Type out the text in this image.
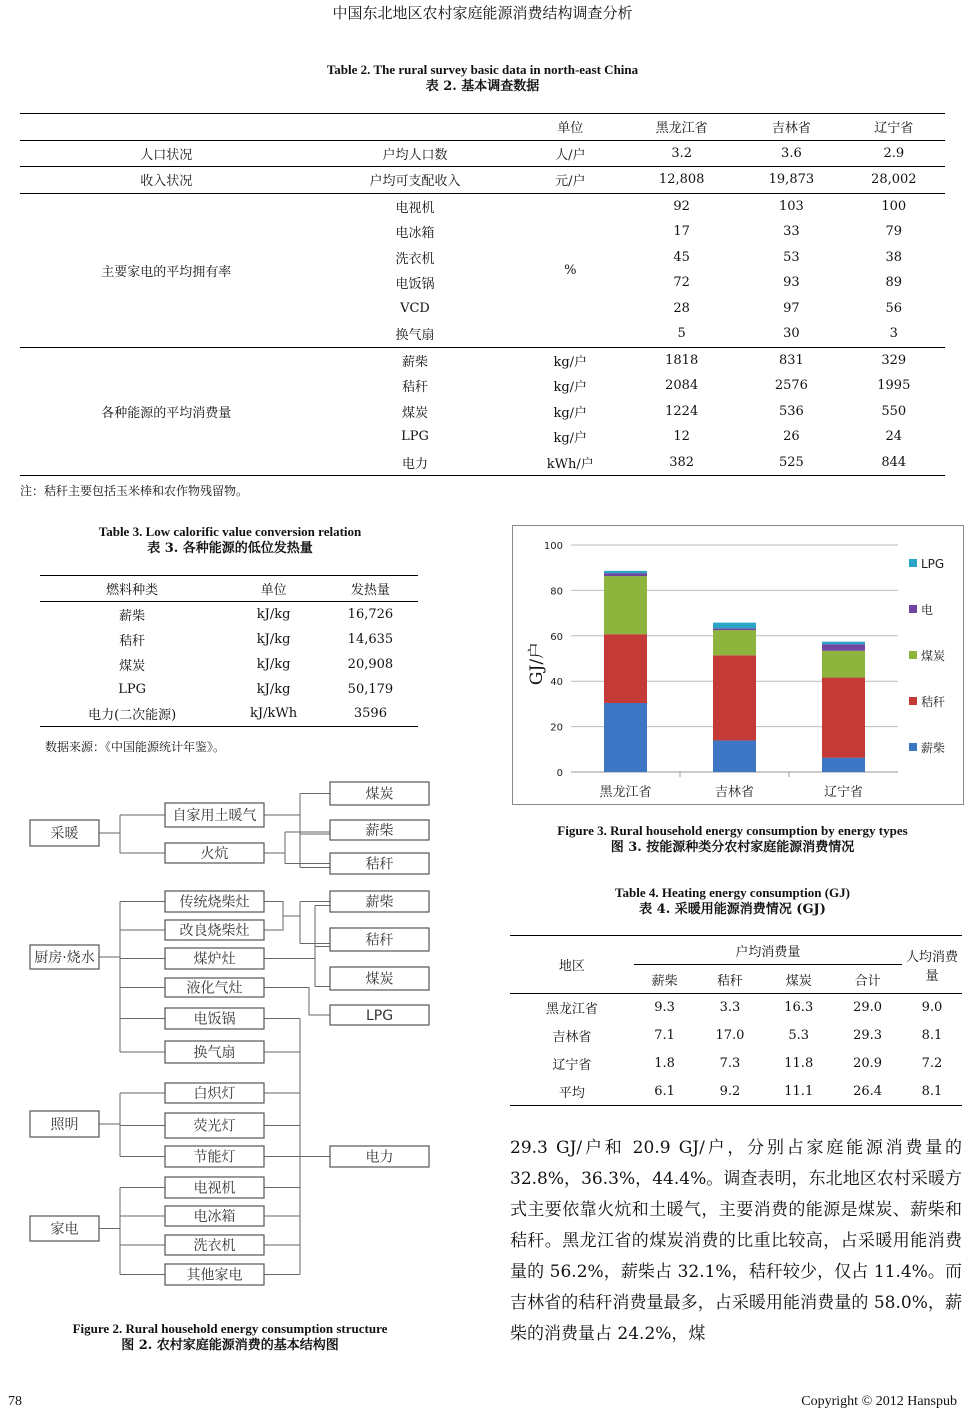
中国东北地区农村家庭能源消费结构调查分析
Table 2. The rural survey basic data in north-east China
表 2. 基本调查数据
		单位	黑龙江省	吉林省	辽宁省
人口状况	户均人口数	人/户	3.2	3.6	2.9
收入状况	户均可支配收入	元/户	12,808	19,873	28,002
主要家电的平均拥有率	电视机	%	92	103	100
	电冰箱		17	33	79
	洗衣机		45	53	38
	电饭锅		72	93	89
	VCD		28	97	56
	换气扇		5	30	3
各种能源的平均消费量	薪柴	kg/户	1818	831	329
	秸秆	kg/户	2084	2576	1995
	煤炭	kg/户	1224	536	550
	LPG	kg/户	12	26	24
	电力	kWh/户	382	525	844
注：秸秆主要包括玉米棒和农作物残留物。
Table 3. Low calorific value conversion relation
表 3. 各种能源的低位发热量
燃料种类	单位	发热量
薪柴	kJ/kg	16,726
秸秆	kJ/kg	14,635
煤炭	kJ/kg	20,908
LPG	kJ/kg	50,179
电力(二次能源)	kJ/kWh	3596
数据来源：《中国能源统计年鉴》。
采暖
厨房·烧水
照明
家电
自家用土暖气
火炕
传统烧柴灶
改良烧柴灶
煤炉灶
液化气灶
电饭锅
换气扇
白炽灯
荧光灯
节能灯
电视机
电冰箱
洗衣机
其他家电
煤炭
薪柴
秸秆
薪柴
秸秆
煤炭
LPG
电力
Figure 2. Rural household energy consumption structure
图 2. 农村家庭能源消费的基本结构图
0
20
40
60
80
100
GJ/户
黑龙江省	吉林省	辽宁省
薪柴
秸秆
煤炭
电
LPG
Figure 3. Rural household energy consumption by energy types
图 3. 按能源种类分农村家庭能源消费情况
Table 4. Heating energy consumption (GJ)
表 4. 采暖用能源消费情况 (GJ)
地区	户均消费量				人均消费量
	薪柴	秸秆	煤炭	合计	
黑龙江省	9.3	3.3	16.3	29.0	9.0
吉林省	7.1	17.0	5.3	29.3	8.1
辽宁省	1.8	7.3	11.8	20.9	7.2
平均	6.1	9.2	11.1	26.4	8.1
29.3 GJ/户和 20.9 GJ/户，分别占家庭能源消费量的32.8%，36.3%，44.4%。调查表明，东北地区农村采暖方式主要依靠火炕和土暖气，主要消费的能源是煤炭、薪柴和秸秆。黑龙江省的煤炭消费的比重比较高，占采暖用能消费量的 56.2%，薪柴占 32.1%，秸秆较少，仅占 11.4%。而吉林省的秸秆消费量最多，占采暖用能消费量的 58.0%，薪柴的消费量占 24.2%，煤
78	Copyright © 2012 Hanspub
